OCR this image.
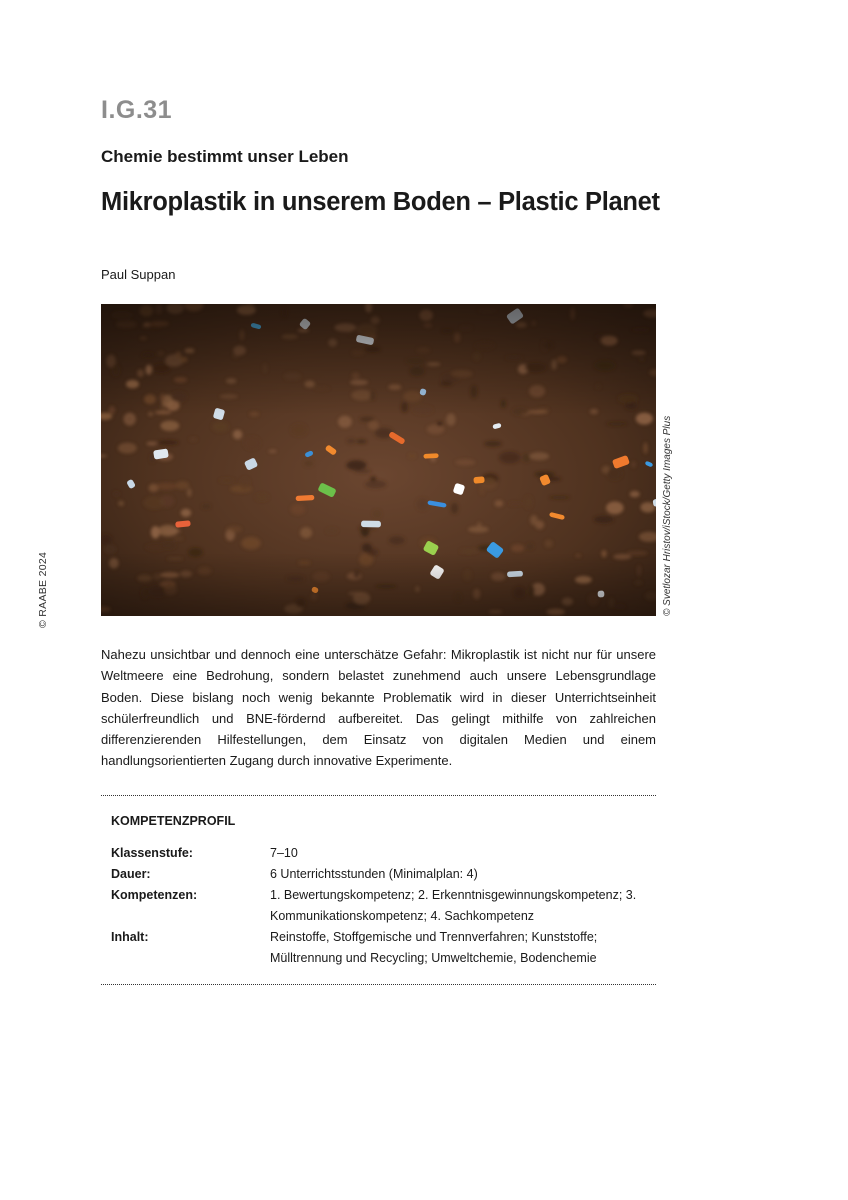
I.G.31
Chemie bestimmt unser Leben
Mikroplastik in unserem Boden – Plastic Planet
Paul Suppan
© Svetlozar Hristov/iStock/Getty Images Plus
© RAABE 2024

Nahezu unsichtbar und dennoch eine unterschätze Gefahr: Mikroplastik ist nicht nur für unsere Weltmeere eine Bedrohung, sondern belastet zunehmend auch unsere Lebensgrundlage Boden. Diese bislang noch wenig bekannte Problematik wird in dieser Unterrichtseinheit schülerfreundlich und BNE-fördernd aufbereitet. Das gelingt mithilfe von zahlreichen differenzierenden Hilfestellungen, dem Einsatz von digitalen Medien und einem handlungsorientierten Zugang durch innovative Experimente.

KOMPETENZPROFIL
Klassenstufe:	7–10
Dauer:	6 Unterrichtsstunden (Minimalplan: 4)
Kompetenzen:	1. Bewertungskompetenz; 2. Erkenntnisgewinnungskompetenz; 3. Kommunikationskompetenz; 4. Sachkompetenz
Inhalt:	Reinstoffe, Stoffgemische und Trennverfahren; Kunststoffe; Mülltrennung und Recycling; Umweltchemie, Bodenchemie
